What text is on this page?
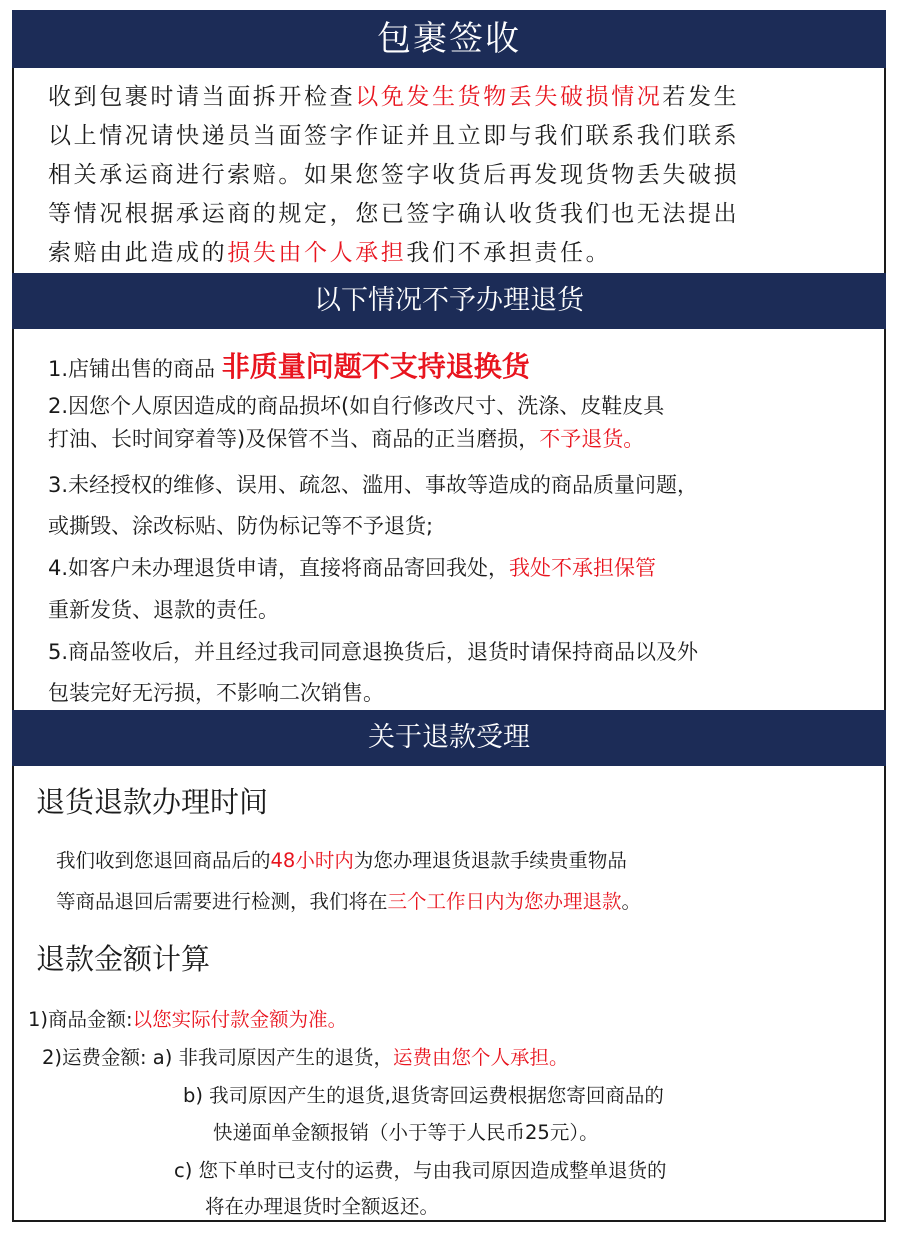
包裹签收
收到包裹时请当面拆开检查以免发生货物丢失破损情况若发生
以上情况请快递员当面签字作证并且立即与我们联系我们联系
相关承运商进行索赔。如果您签字收货后再发现货物丢失破损
等情况根据承运商的规定，您已签字确认收货我们也无法提出
索赔由此造成的损失由个人承担我们不承担责任。
以下情况不予办理退货
1.店铺出售的商品 非质量问题不支持退换货
2.因您个人原因造成的商品损坏(如自行修改尺寸、洗涤、皮鞋皮具
打油、长时间穿着等)及保管不当、商品的正当磨损，不予退货。
3.未经授权的维修、误用、疏忽、滥用、事故等造成的商品质量问题，
或撕毁、涂改标贴、防伪标记等不予退货;
4.如客户未办理退货申请，直接将商品寄回我处，我处不承担保管
重新发货、退款的责任。
5.商品签收后，并且经过我司同意退换货后，退货时请保持商品以及外
包装完好无污损，不影响二次销售。
关于退款受理
退货退款办理时间
我们收到您退回商品后的48小时内为您办理退货退款手续贵重物品
等商品退回后需要进行检测，我们将在三个工作日内为您办理退款。
退款金额计算
1)商品金额:以您实际付款金额为准。
2)运费金额: a) 非我司原因产生的退货，运费由您个人承担。
b) 我司原因产生的退货,退货寄回运费根据您寄回商品的
快递面单金额报销（小于等于人民币25元）。
c) 您下单时已支付的运费，与由我司原因造成整单退货的
将在办理退货时全额返还。
